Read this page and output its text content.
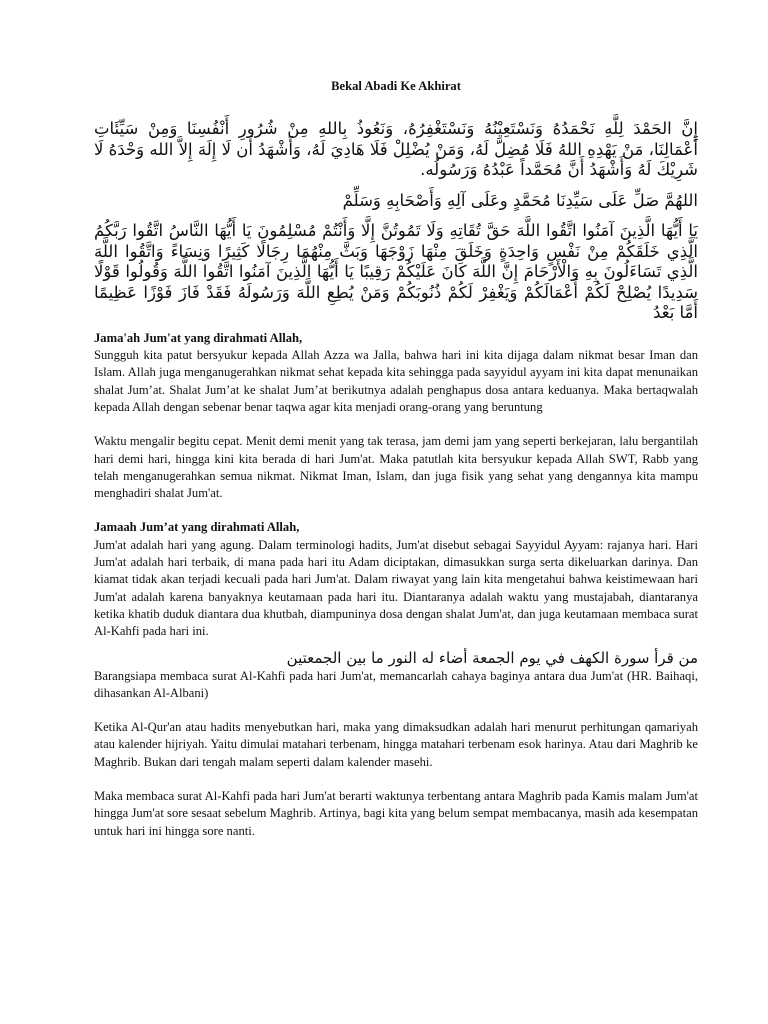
Bekal Abadi Ke Akhirat

إِنَّ الحَمْدَ لِلَّهِ نَحْمَدُهُ وَنَسْتَعِيْنُهُ وَنَسْتَغْفِرُهُ، وَنَعُوذُ بِاللهِ مِنْ شُرُورِ أَنْفُسِنَا وَمِنْ سَيِّئَاتِ أَعْمَالِنَا، مَنْ يَهْدِهِ اللهُ فَلَا مُضِلَّ لَهُ، وَمَنْ يُضْلِلْ فَلَا هَادِيَ لَهُ، وَأَشْهَدُ أَن لَا إِلَهَ إِلاَّ الله وَحْدَهُ لَا شَرِيْكَ لَهُ وَأَشْهَدُ أَنَّ مُحَمَّداً عَبْدُهُ وَرَسُولُه.

اللهُمَّ صَلِّ عَلَى سَيِّدِنَا مُحَمَّدٍ وعَلَى آلِهِ وَأَصْحَابِهِ وَسَلِّمْ

يَا أَيُّهَا الَّذِينَ آمَنُوا اتَّقُوا اللَّهَ حَقَّ تُقَاتِهِ وَلَا تَمُوتُنَّ إِلَّا وَأَنْتُمْ مُسْلِمُونَ يَا أَيُّهَا النَّاسُ اتَّقُوا رَبَّكُمُ الَّذِي خَلَقَكُمْ مِنْ نَفْسٍ وَاحِدَةٍ وَخَلَقَ مِنْهَا زَوْجَهَا وَبَثَّ مِنْهُمَا رِجَالًا كَثِيرًا وَنِسَاءً وَاتَّقُوا اللَّهَ الَّذِي تَسَاءَلُونَ بِهِ وَالْأَرْحَامَ إِنَّ اللَّهَ كَانَ عَلَيْكُمْ رَقِيبًا يَا أَيُّهَا الَّذِينَ آمَنُوا اتَّقُوا اللَّهَ وَقُولُوا قَوْلًا سَدِيدًا يُصْلِحْ لَكُمْ أَعْمَالَكُمْ وَيَغْفِرْ لَكُمْ ذُنُوبَكُمْ وَمَنْ يُطِعِ اللَّهَ وَرَسُولَهُ فَقَدْ فَازَ فَوْزًا عَظِيمًا أَمَّا بَعْدُ

Jama'ah Jum'at yang dirahmati Allah,

Sungguh kita patut bersyukur kepada Allah Azza wa Jalla, bahwa hari ini kita dijaga dalam nikmat besar Iman dan Islam. Allah juga menganugerahkan nikmat sehat kepada kita sehingga pada sayyidul ayyam ini kita dapat menunaikan shalat Jum’at. Shalat Jum’at ke shalat Jum’at berikutnya adalah penghapus dosa antara keduanya. Maka bertaqwalah kepada Allah dengan sebenar benar taqwa agar kita menjadi orang-orang yang beruntung

Waktu mengalir begitu cepat. Menit demi menit yang tak terasa, jam demi jam yang seperti berkejaran, lalu bergantilah hari demi hari, hingga kini kita berada di hari Jum'at. Maka patutlah kita bersyukur kepada Allah SWT, Rabb yang telah menganugerahkan semua nikmat. Nikmat Iman, Islam, dan juga fisik yang sehat yang dengannya kita mampu menghadiri shalat Jum'at.

Jamaah Jum’at yang dirahmati Allah,

Jum'at adalah hari yang agung. Dalam terminologi hadits, Jum'at disebut sebagai Sayyidul Ayyam: rajanya hari. Hari Jum'at adalah hari terbaik, di mana pada hari itu Adam diciptakan, dimasukkan surga serta dikeluarkan darinya. Dan kiamat tidak akan terjadi kecuali pada hari Jum'at. Dalam riwayat yang lain kita mengetahui bahwa keistimewaan hari Jum'at adalah karena banyaknya keutamaan pada hari itu. Diantaranya adalah waktu yang mustajabah, diantaranya ketika khatib duduk diantara dua khutbah, diampuninya dosa dengan shalat Jum'at, dan juga keutamaan membaca surat Al-Kahfi pada hari ini.

من قرأ سورة الكهف في يوم الجمعة أضاء له النور ما بين الجمعتين

Barangsiapa membaca surat Al-Kahfi pada hari Jum'at, memancarlah cahaya baginya antara dua Jum'at (HR. Baihaqi, dihasankan Al-Albani)

Ketika Al-Qur'an atau hadits menyebutkan hari, maka yang dimaksudkan adalah hari menurut perhitungan qamariyah atau kalender hijriyah. Yaitu dimulai matahari terbenam, hingga matahari terbenam esok harinya. Atau dari Maghrib ke Maghrib. Bukan dari tengah malam seperti dalam kalender masehi.

Maka membaca surat Al-Kahfi pada hari Jum'at berarti waktunya terbentang antara Maghrib pada Kamis malam Jum'at hingga Jum'at sore sesaat sebelum Maghrib. Artinya, bagi kita yang belum sempat membacanya, masih ada kesempatan untuk hari ini hingga sore nanti.
